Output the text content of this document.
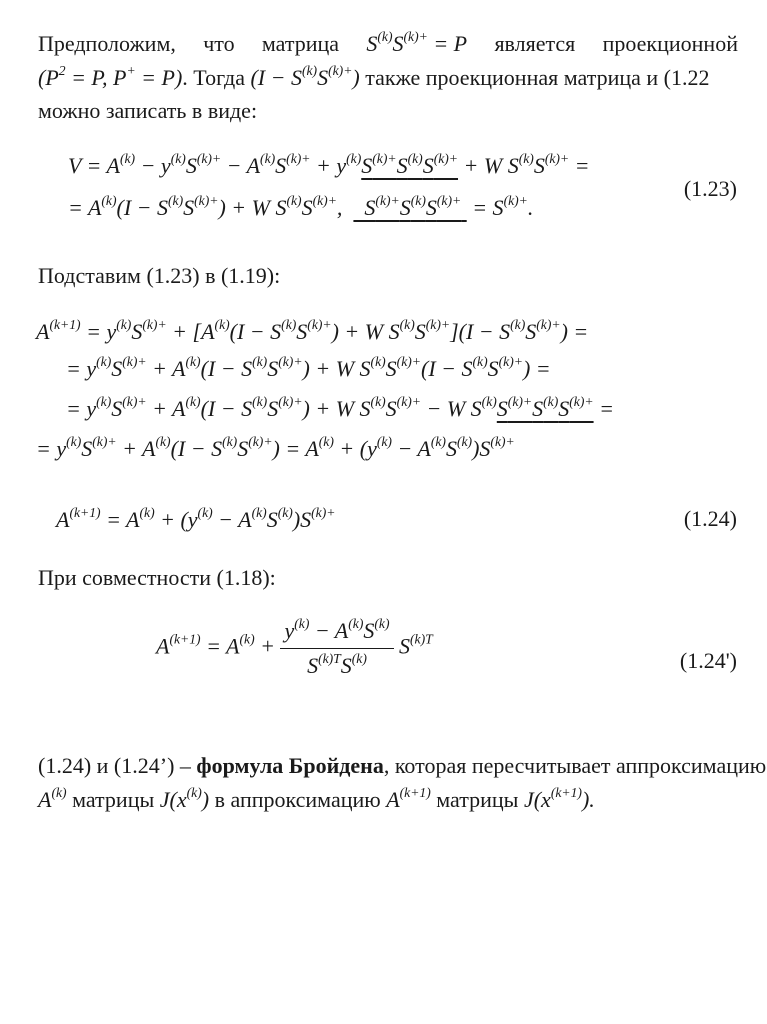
Предположим, что матрица $S^{(k)}S^{(k)+} = P$ является проекционной
($P^2 = P$, P+ = P). Тогда $(I - S^{(k)}S^{(k)+})$ также проекционная матрица и (1.22
можно записать в виде:
$V = A^{(k)} - y^{(k)}S^{(k)+} - A^{(k)}S^{(k)+} + y^{(k)}S^{(k)+}S^{(k)}S^{(k)+} + W$ $S^{(k)}S^{(k)+}$ =
(1.23)
= $A^{(k)}(I - S^{(k)}S^{(k)+}) + W$ $S^{(k)}S^{(k)+}$,    $S^{(k)+}S^{(k)}S^{(k)+} = S^{(k)+}$.
Подставим (1.23) в (1.19):
$A^{(k+1)} = y^{(k)}S^{(k)+} + [A^{(k)}(I - S^{(k)}S^{(k)+}) + W$ $S^{(k)}S^{(k)+}](I - S^{(k)}S^{(k)+})$ =
= $y^{(k)}S^{(k)+} + A^{(k)}(I - S^{(k)}S^{(k)+}) + W$ $S^{(k)}S^{(k)+}(I - S^{(k)}S^{(k)+})$ =
= $y^{(k)}S^{(k)+} + A^{(k)}(I - S^{(k)}S^{(k)+}) + W$ $S^{(k)}S^{(k)+} - W$ $S^{(k)}S^{(k)+}S^{(k)}S^{(k)+}$ =
= $y^{(k)}S^{(k)+} + A^{(k)}(I - S^{(k)}S^{(k)+}) = A^{(k)} + (y^{(k)} - A^{(k)}S^{(k)})S^{(k)+}$
$A^{(k+1)} = A^{(k)} + (y^{(k)} - A^{(k)}S^{(k)})S^{(k)+}$	(1.24)
При совместности (1.18):
$A^{(k+1)} = A^{(k)} + \frac{y^{(k)} - A^{(k)}S^{(k)}}{S^{(k)T}S^{(k)}} S^{(k)T}$
(1.24')
(1.24) и (1.24’) – формула Бройдена, которая пересчитывает аппроксимацию
$A^{(k)}$ матрицы $J(x^{(k)})$ в аппроксимацию $A^{(k+1)}$ матрицы $J(x^{(k+1)})$.
